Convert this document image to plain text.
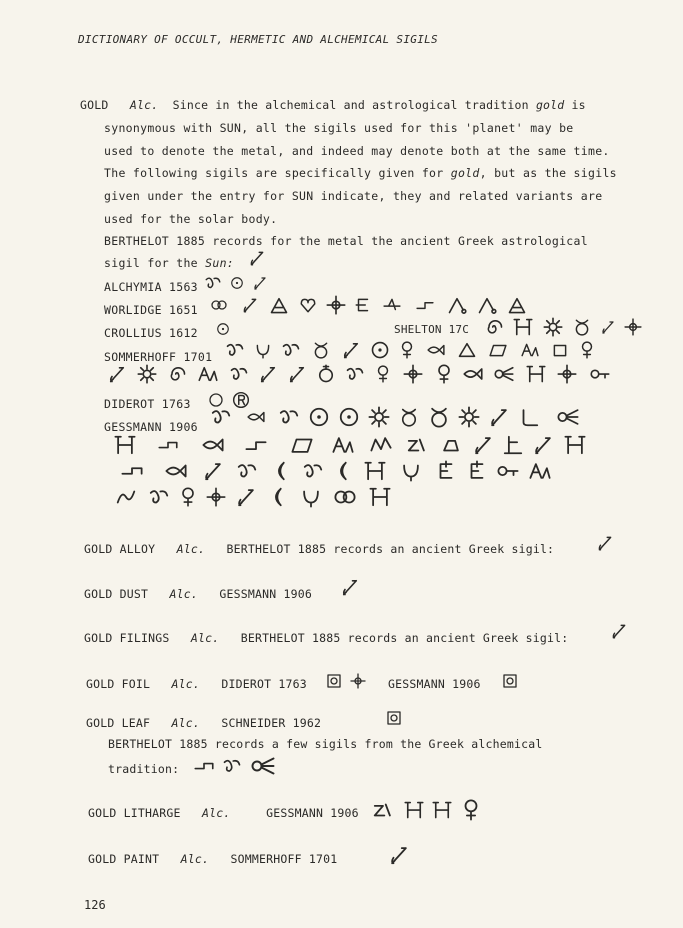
DICTIONARY OF OCCULT, HERMETIC AND ALCHEMICAL SIGILS
GOLD Alc. Since in the alchemical and astrological tradition gold is
synonymous with SUN, all the sigils used for this 'planet' may be
used to denote the metal, and indeed may denote both at the same time.
The following sigils are specifically given for gold, but as the sigils
given under the entry for SUN indicate, they and related variants are
used for the solar body.
BERTHELOT 1885 records for the metal the ancient Greek astrological
sigil for the Sun:
ALCHYMIA 1563
WORLIDGE 1651
CROLLIUS 1612	SHELTON 17C
SOMMERHOFF 1701
DIDEROT 1763
GESSMANN 1906
GOLD ALLOY Alc. BERTHELOT 1885 records an ancient Greek sigil:
GOLD DUST Alc. GESSMANN 1906
GOLD FILINGS Alc. BERTHELOT 1885 records an ancient Greek sigil:
GOLD FOIL Alc. DIDEROT 1763	GESSMANN 1906
GOLD LEAF Alc. SCHNEIDER 1962
BERTHELOT 1885 records a few sigils from the Greek alchemical
tradition:
GOLD LITHARGE Alc.	GESSMANN 1906
GOLD PAINT Alc. SOMMERHOFF 1701
126
